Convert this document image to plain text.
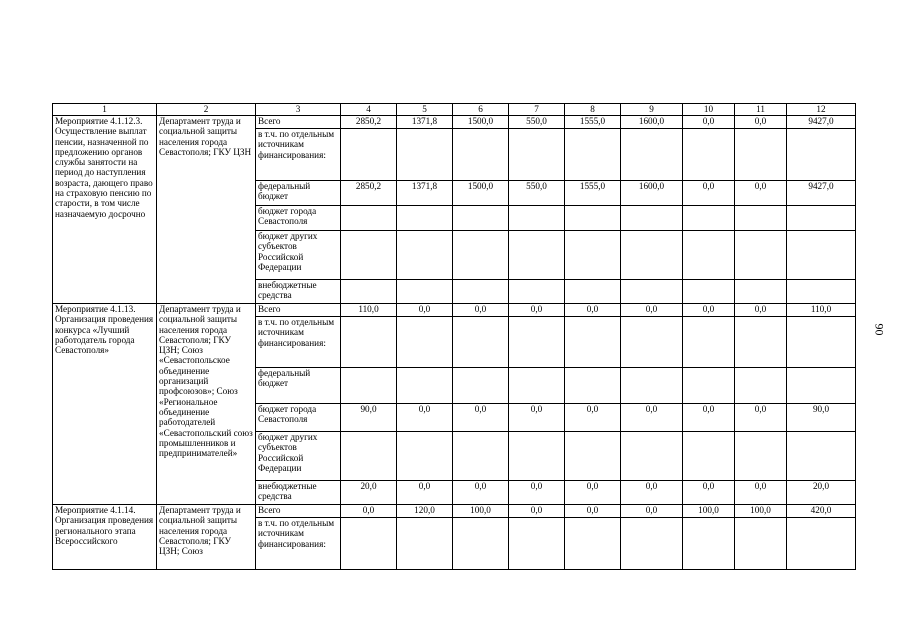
1	2	3	4	5	6	7	8	9	10	11	12
Мероприятие 4.1.12.3. Осуществление выплат пенсии, назначенной по предложению органов службы занятости на период до наступления возраста, дающего право на страховую пенсию по старости, в том числе назначаемую досрочно	Департамент труда и социальной защиты населения города Севастополя; ГКУ ЦЗН	Всего	2850,2	1371,8	1500,0	550,0	1555,0	1600,0	0,0	0,0	9427,0
		в т.ч. по отдельным источникам финансирования:									
		федеральный бюджет	2850,2	1371,8	1500,0	550,0	1555,0	1600,0	0,0	0,0	9427,0
		бюджет города Севастополя									
		бюджет других субъектов Российской Федерации									
		внебюджетные средства									
Мероприятие 4.1.13. Организация проведения конкурса «Лучший работодатель города Севастополя»	Департамент труда и социальной защиты населения города Севастополя; ГКУ ЦЗН; Союз «Севастопольское объединение организаций профсоюзов»; Союз «Региональное объединение работодателей «Севастопольский союз промышленников и предпринимателей»	Всего	110,0	0,0	0,0	0,0	0,0	0,0	0,0	0,0	110,0
		в т.ч. по отдельным источникам финансирования:									
		федеральный бюджет									
		бюджет города Севастополя	90,0	0,0	0,0	0,0	0,0	0,0	0,0	0,0	90,0
		бюджет других субъектов Российской Федерации									
		внебюджетные средства	20,0	0,0	0,0	0,0	0,0	0,0	0,0	0,0	20,0
Мероприятие 4.1.14. Организация проведения регионального этапа Всероссийского	Департамент труда и социальной защиты населения города Севастополя; ГКУ ЦЗН; Союз	Всего	0,0	120,0	100,0	0,0	0,0	0,0	100,0	100,0	420,0
		в т.ч. по отдельным источникам финансирования:									
90
